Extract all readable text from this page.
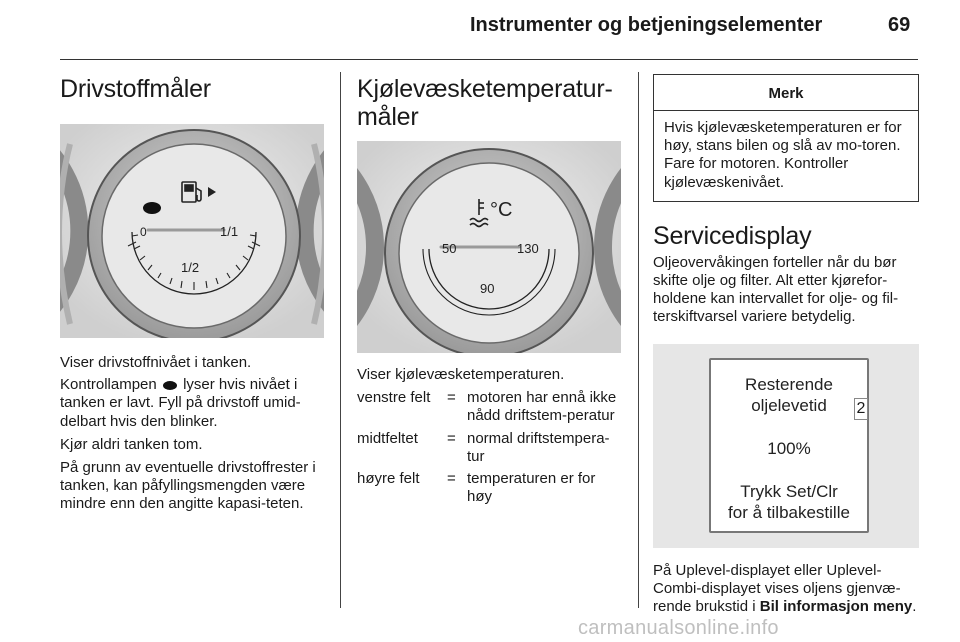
Instrumenter og betjeningselementer	69
Drivstoffmåler
0
1/2
1/1
Viser drivstoffnivået i tanken.
Kontrollampen lyser hvis nivået i tanken er lavt. Fyll på drivstoff umid-delbart hvis den blinker.
Kjør aldri tanken tom.
På grunn av eventuelle drivstoffrester i tanken, kan påfyllingsmengden være mindre enn den angitte kapasi-teten.
Kjølevæsketemperatur-
måler
°C
50
90
130
Viser kjølevæsketemperaturen.
venstre felt	=	motoren har ennå ikke nådd driftstem-peratur
midtfeltet	=	normal driftstempera-tur
høyre felt	=	temperaturen er for høy
Merk
Hvis kjølevæsketemperaturen er for høy, stans bilen og slå av mo-toren. Fare for motoren. Kontroller kjølevæskenivået.
Servicedisplay
Oljeovervåkingen forteller når du bør skifte olje og filter. Alt etter kjørefor-holdene kan intervallet for olje- og fil-terskiftvarsel variere betydelig.
Resterende
oljelevetid
100%
Trykk Set/Clr
for å tilbakestille
2
På Uplevel-displayet eller Uplevel-Combi-displayet vises oljens gjenvæ-rende brukstid i Bil informasjon meny.
carmanualsonline.info
